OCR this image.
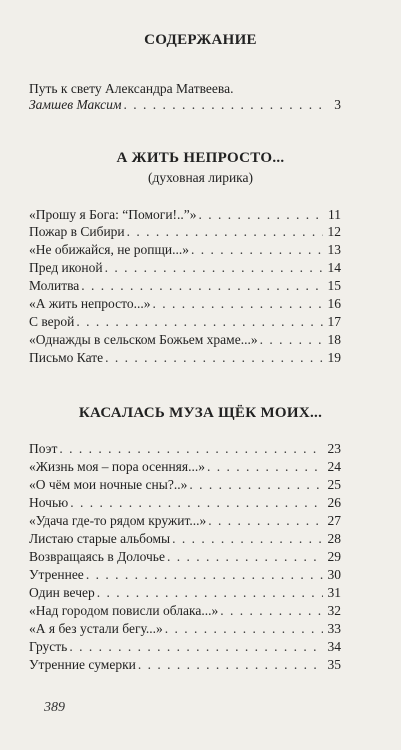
СОДЕРЖАНИЕ
Путь к свету Александра Матвеева.
Замшев Максим . . .	3
А ЖИТЬ НЕПРОСТО...
(духовная лирика)
«Прошу я Бога: “Помоги!..”» . . .	11
Пожар в Сибири . . .	12
«Не обижайся, не ропщи...» . . .	13
Пред иконой . . .	14
Молитва . . .	15
«А жить непросто...» . . .	16
С верой . . .	17
«Однажды в сельском Божьем храме...» . . .	18
Письмо Кате . . .	19
КАСАЛАСЬ МУЗА ЩЁК МОИХ...
Поэт . . .	23
«Жизнь моя – пора осенняя...» . . .	24
«О чём мои ночные сны?..» . . .	25
Ночью . . .	26
«Удача где-то рядом кружит...» . . .	27
Листаю старые альбомы . . .	28
Возвращаясь в Долочье . . .	29
Утреннее . . .	30
Один вечер . . .	31
«Над городом повисли облака...» . . .	32
«А я без устали бегу...» . . .	33
Грусть . . .	34
Утренние сумерки . . .	35
389
